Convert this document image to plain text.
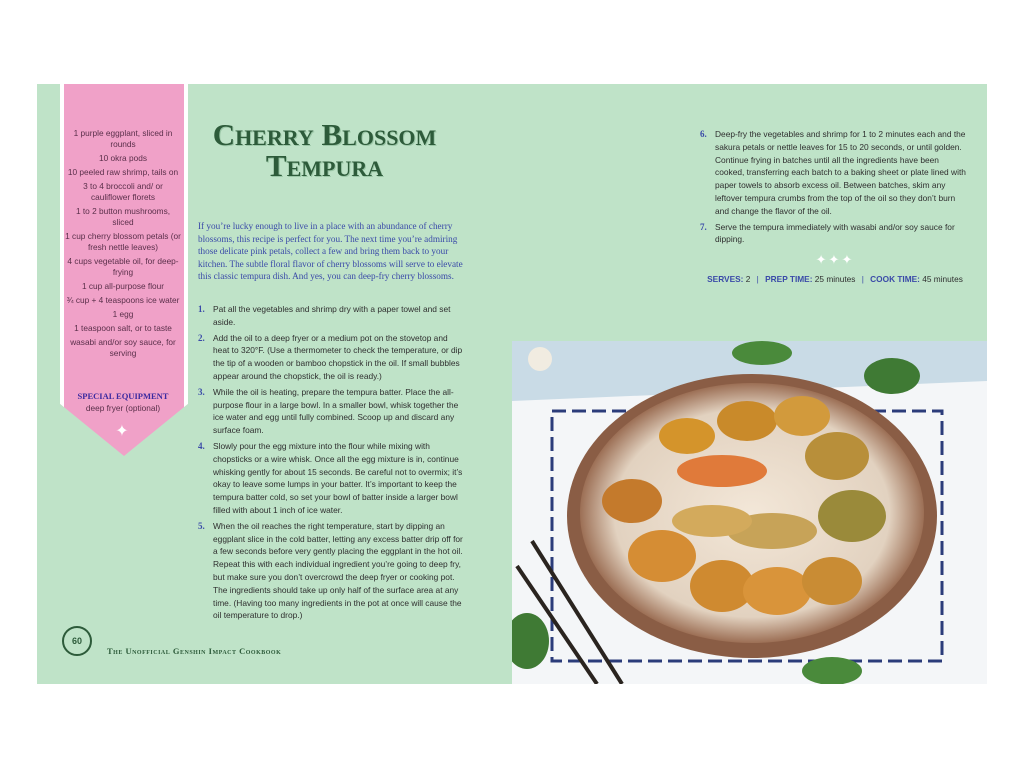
1 purple eggplant, sliced in rounds
10 okra pods
10 peeled raw shrimp, tails on
3 to 4 broccoli and/ or cauliflower florets
1 to 2 button mushrooms, sliced
1 cup cherry blossom petals (or fresh nettle leaves)
4 cups vegetable oil, for deep-frying
1 cup all-purpose flour
¾ cup + 4 teaspoons ice water
1 egg
1 teaspoon salt, or to taste
wasabi and/or soy sauce, for serving
SPECIAL EQUIPMENT
deep fryer (optional)
✦
Cherry Blossom Tempura

If you’re lucky enough to live in a place with an abundance of cherry blossoms, this recipe is perfect for you. The next time you’re admiring those delicate pink petals, collect a few and bring them back to your kitchen. The subtle floral flavor of cherry blossoms will serve to elevate this classic tempura dish. And yes, you can deep-fry cherry blossoms.

1. Pat all the vegetables and shrimp dry with a paper towel and set aside.
2. Add the oil to a deep fryer or a medium pot on the stovetop and heat to 320°F. (Use a thermometer to check the temperature, or dip the tip of a wooden or bamboo chopstick in the oil. If small bubbles appear around the chopstick, the oil is ready.)
3. While the oil is heating, prepare the tempura batter. Place the all-purpose flour in a large bowl. In a smaller bowl, whisk together the ice water and egg until fully combined. Scoop up and discard any surface foam.
4. Slowly pour the egg mixture into the flour while mixing with chopsticks or a wire whisk. Once all the egg mixture is in, continue whisking gently for about 15 seconds. Be careful not to overmix; it’s okay to leave some lumps in your batter. It’s important to keep the tempura batter cold, so set your bowl of batter inside a larger bowl filled with about 1 inch of ice water.
5. When the oil reaches the right temperature, start by dipping an eggplant slice in the cold batter, letting any excess batter drip off for a few seconds before very gently placing the eggplant in the hot oil. Repeat this with each individual ingredient you’re going to deep fry, but make sure you don’t overcrowd the deep fryer or cooking pot. The ingredients should take up only half of the surface area at any time. (Having too many ingredients in the pot at once will cause the oil temperature to drop.)
6. Deep-fry the vegetables and shrimp for 1 to 2 minutes each and the sakura petals or nettle leaves for 15 to 20 seconds, or until golden. Continue frying in batches until all the ingredients have been cooked, transferring each batch to a baking sheet or plate lined with paper towels to absorb excess oil. Between batches, skim any leftover tempura crumbs from the top of the oil so they don’t burn and change the flavor of the oil.
7. Serve the tempura immediately with wasabi and/or soy sauce for dipping.
✦✦✦
SERVES: 2 | PREP TIME: 25 minutes | COOK TIME: 45 minutes
60
The Unofficial Genshin Impact Cookbook
